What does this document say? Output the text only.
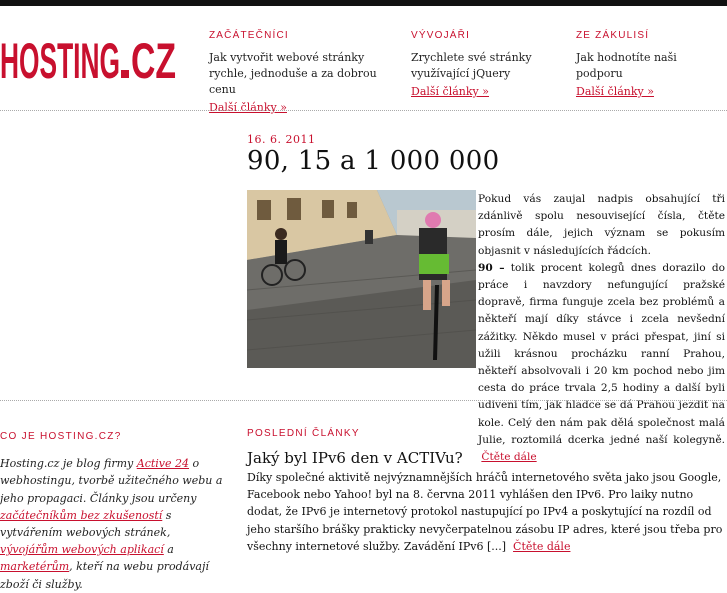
HOSTING CZ	ZAČÁTEČNÍCI
Jak vytvořit webové stránky rychle, jednoduše a za dobrou cenu
Další články »
VÝVOJÁŘI
Zrychlete své stránky využívající jQuery
Další články »
ZE ZÁKULISÍ
Jak hodnotíte naši podporu
Další články »
16. 6. 2011
90, 15 a 1 000 000
Pokud vás zaujal nadpis obsahující tři zdánlivě spolu nesouvisející čísla, čtěte prosím dále, jejich význam se pokusím objasnit v následujících řádcích.
90 – tolik procent kolegů dnes dorazilo do práce i navzdory nefungující pražské dopravě, firma funguje zcela bez problémů a někteří mají díky stávce i zcela nevšední zážitky. Někdo musel v práci přespat, jiní si užili krásnou procházku ranní Prahou, někteří absolvovali i 20 km pochod nebo jim cesta do práce trvala 2,5 hodiny a další byli udiveni tím, jak hladce se dá Prahou jezdit na kole. Celý den nám pak dělá společnost malá Julie, roztomilá dcerka jedné naší kolegyně.  Čtěte dále
CO JE HOSTING.CZ?
Hosting.cz je blog firmy Active 24 o webhostingu, tvorbě užitečného webu a jeho propagaci. Články jsou určeny začátečníkům bez zkušeností s vytvářením webových stránek, vývojářům webových aplikací a marketérům, kteří na webu prodávají zboží či služby.
POSLEDNÍ ČLÁNKY
Jaký byl IPv6 den v ACTIVu?
Díky společné aktivitě nejvýznamnějších hráčů internetového světa jako jsou Google, Facebook nebo Yahoo! byl na 8. června 2011 vyhlášen den IPv6. Pro laiky nutno dodat, že IPv6 je internetový protokol nastupující po IPv4 a poskytující na rozdíl od jeho staršího brášky prakticky nevyčerpatelnou zásobu IP adres, které jsou třeba pro všechny internetové služby. Zavádění IPv6 [...] Čtěte dále
